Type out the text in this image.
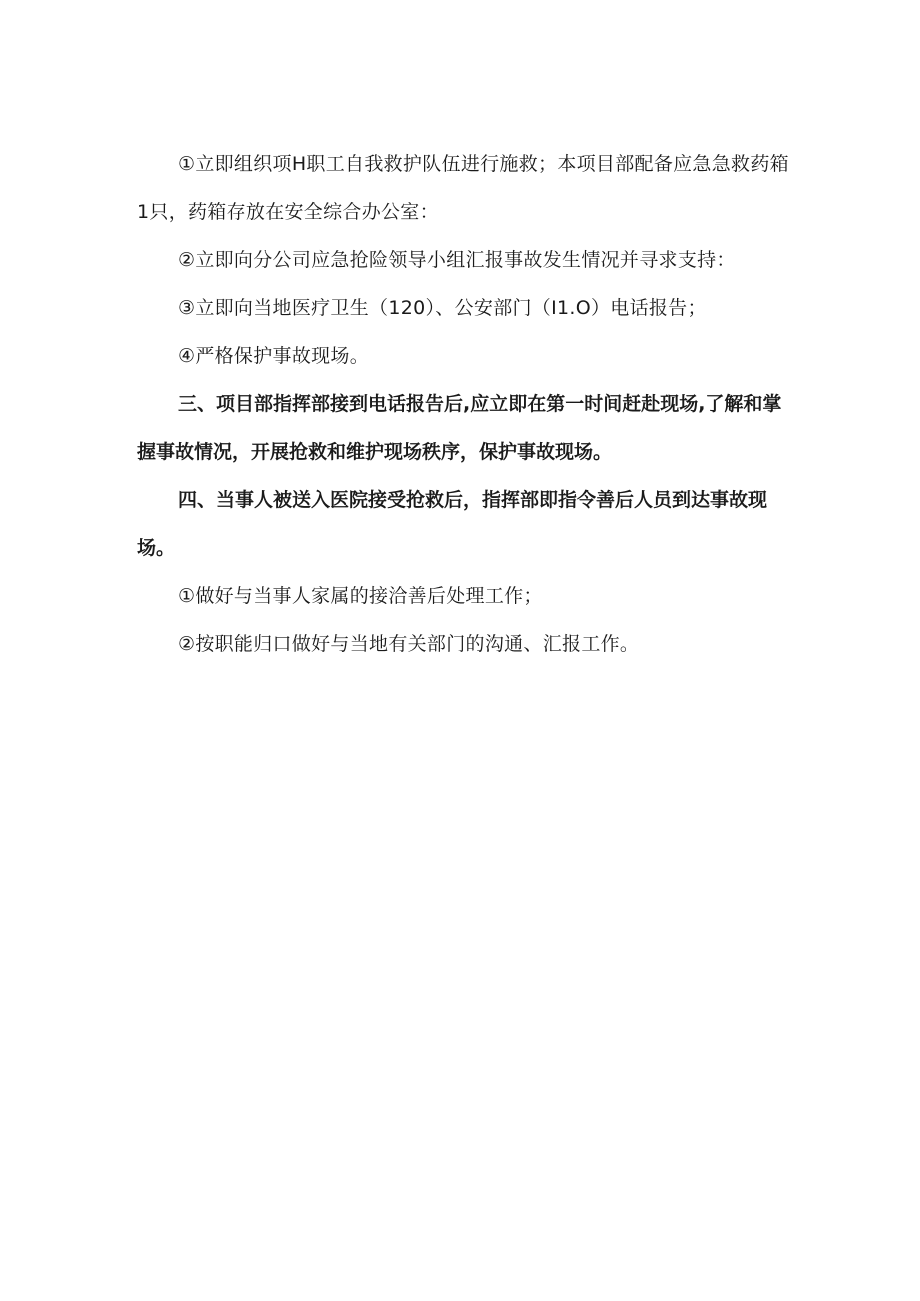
①立即组织项H职工自我救护队伍进行施救；本项目部配备应急急救药箱1只，药箱存放在安全综合办公室：

②立即向分公司应急抢险领导小组汇报事故发生情况并寻求支持：

③立即向当地医疗卫生（120）、公安部门（I1.O）电话报告；

④严格保护事故现场。

三、项目部指挥部接到电话报告后,应立即在第一时间赶赴现场,了解和掌握事故情况，开展抢救和维护现场秩序，保护事故现场。

四、当事人被送入医院接受抢救后，指挥部即指令善后人员到达事故现场。

①做好与当事人家属的接洽善后处理工作；

②按职能归口做好与当地有关部门的沟通、汇报工作。
